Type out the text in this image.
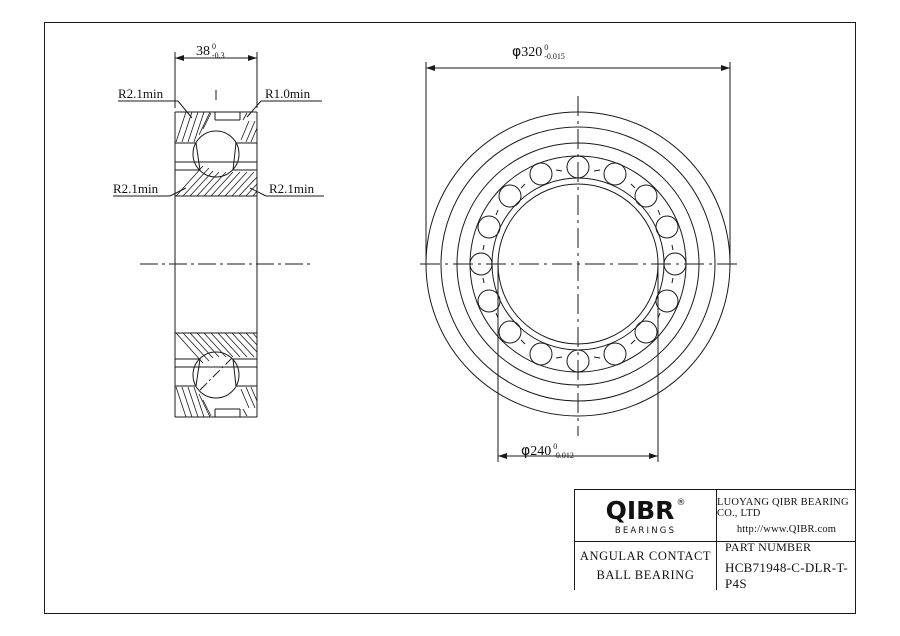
38 0
-0.3	φ320 0
-0.015
φ240 0
-0.012
R2.1min	R1.0min
R2.1min	R2.1min
QIBR ®
BEARINGS
LUOYANG QIBR BEARING CO., LTD
http://www.QIBR.com
ANGULAR CONTACT
BALL BEARING
PART NUMBER
HCB71948-C-DLR-T-P4S
